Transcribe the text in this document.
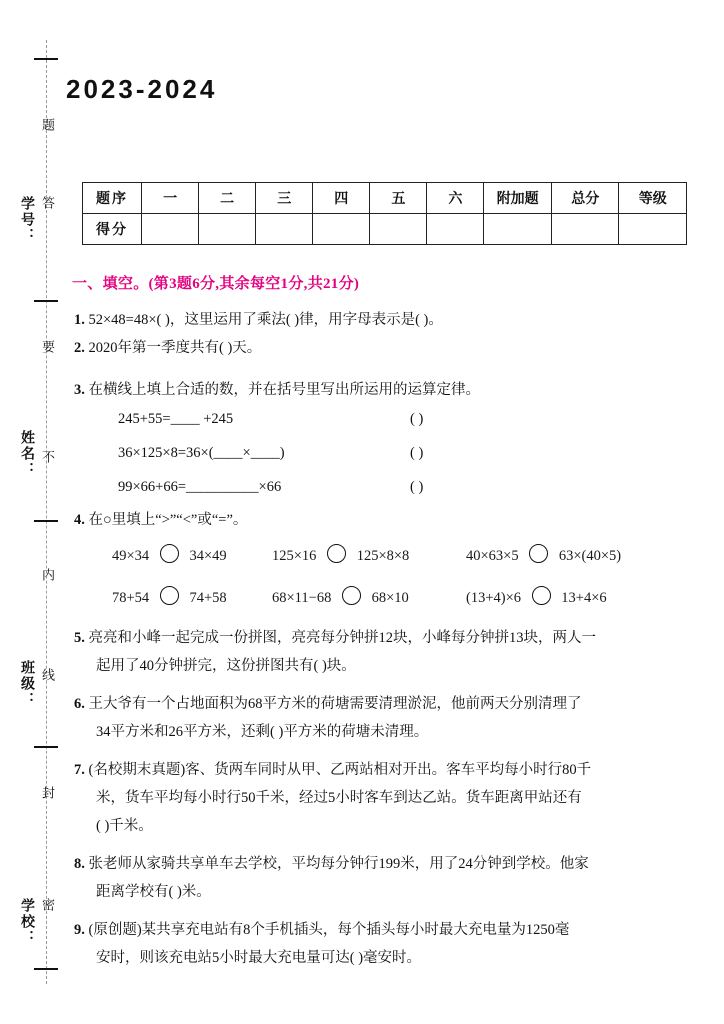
题
学号： 答
要
姓名： 不
内
班级： 线
封
学校： 密
2023-2024
题序	一	二	三	四	五	六	附加题	总分	等级
得分									
一、填空。(第3题6分,其余每空1分,共21分)
1. 52×48=48×( )，这里运用了乘法( )律，用字母表示是( )。
2. 2020年第一季度共有( )天。
3. 在横线上填上合适的数，并在括号里写出所运用的运算定律。
245+55=____ +245	( )
36×125×8=36×(____×____)	( )
99×66+66=__________×66	( )
4. 在○里填上“>”“<”或“=”。
49×34	34×49	125×16	125×8×8	40×63×5	63×(40×5)
78+54	74+58	68×11−68	68×10	(13+4)×6	13+4×6
5. 亮亮和小峰一起完成一份拼图，亮亮每分钟拼12块，小峰每分钟拼13块，两人一
起用了40分钟拼完，这份拼图共有( )块。
6. 王大爷有一个占地面积为68平方米的荷塘需要清理淤泥，他前两天分别清理了
34平方米和26平方米，还剩( )平方米的荷塘未清理。
7. (名校期末真题)客、货两车同时从甲、乙两站相对开出。客车平均每小时行80千
米，货车平均每小时行50千米，经过5小时客车到达乙站。货车距离甲站还有
( )千米。
8. 张老师从家骑共享单车去学校，平均每分钟行199米，用了24分钟到学校。他家
距离学校有( )米。
9. (原创题)某共享充电站有8个手机插头，每个插头每小时最大充电量为1250毫
安时，则该充电站5小时最大充电量可达( )毫安时。
